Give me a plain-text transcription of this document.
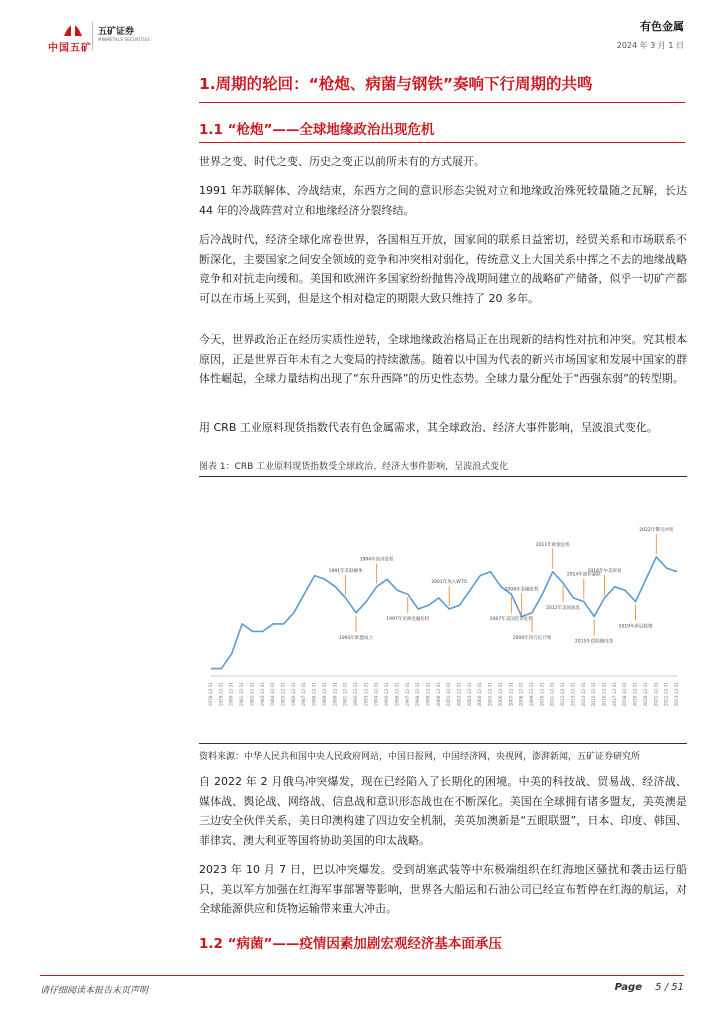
中国五矿
五矿证券
MINMETALS SECURITIES
有色金属
2024 年 3 月 1 日
1.周期的轮回：“枪炮、病菌与钢铁”奏响下行周期的共鸣
1.1 “枪炮”——全球地缘政治出现危机

世界之变、时代之变、历史之变正以前所未有的方式展开。

1991 年苏联解体、冷战结束，东西方之间的意识形态尖锐对立和地缘政治殊死较量随之瓦解，长达 44 年的冷战阵营对立和地缘经济分裂终结。

后冷战时代，经济全球化席卷世界，各国相互开放，国家间的联系日益密切，经贸关系和市场联系不断深化，主要国家之间安全领域的竞争和冲突相对弱化，传统意义上大国关系中挥之不去的地缘战略竞争和对抗走向缓和。美国和欧洲许多国家纷纷抛售冷战期间建立的战略矿产储备，似乎一切矿产都可以在市场上买到，但是这个相对稳定的期限大致只维持了 20 多年。

今天，世界政治正在经历实质性逆转，全球地缘政治格局正在出现新的结构性对抗和冲突。究其根本原因，正是世界百年未有之大变局的持续激荡。随着以中国为代表的新兴市场国家和发展中国家的群体性崛起，全球力量结构出现了“东升西降”的历史性态势。全球力量分配处于“西强东弱”的转型期。

用 CRB 工业原料现货指数代表有色金属需求，其全球政治、经济大事件影响，呈波浪式变化。

图表 1：CRB 工业原料现货指数受全球政治、经济大事件影响，呈波浪式变化
1978-12-31 1979-12-31 1980-12-31 1981-12-31 1982-12-31 1983-12-31 1984-12-31 1985-12-31 1986-12-31 1987-12-31 1988-12-31 1989-12-31 1990-12-31 1991-12-31 1992-12-31 1993-12-31 1994-12-31 1995-12-31 1996-12-31 1997-12-31 1998-12-31 1999-12-31 2000-12-31 2001-12-31 2002-12-31 2003-12-31 2004-12-31 2005-12-31 2006-12-31 2007-12-31 2008-12-31 2009-12-31 2010-12-31 2011-12-31 2012-12-31 2013-12-31 2014-12-31 2015-12-31 2016-12-31 2017-12-31 2018-12-31 2019-12-31 2020-12-31 2021-12-31 2022-12-31 2023-12-31
1991年苏联解体
1993年欧盟成立
1994年经济危机
1997年亚洲金融危机
2001年加入WTO
2007年美国次贷危机
2008年金融危机
2009年四万亿计划
2011年欧债危机
2012年美国加息
2014年油价暴跌
2015年供给侧改革
2016年中美贸易
2019年新冠疫情
2022年俄乌冲突
资料来源：中华人民共和国中央人民政府网站，中国日报网，中国经济网，央视网，澎湃新闻，五矿证券研究所

自 2022 年 2 月俄乌冲突爆发，现在已经陷入了长期化的困境。中美的科技战、贸易战、经济战、媒体战、舆论战、网络战、信息战和意识形态战也在不断深化。美国在全球拥有诸多盟友，美英澳是三边安全伙伴关系，美日印澳构建了四边安全机制，美英加澳新是“五眼联盟”，日本、印度、韩国、菲律宾、澳大利亚等国将协助美国的印太战略。

2023 年 10 月 7 日，巴以冲突爆发。受到胡塞武装等中东极端组织在红海地区骚扰和袭击运行船只，美以军方加强在红海军事部署等影响，世界各大船运和石油公司已经宣布暂停在红海的航运，对全球能源供应和货物运输带来重大冲击。

1.2 “病菌”——疫情因素加剧宏观经济基本面承压
请仔细阅读本报告末页声明	Page 5 / 51
